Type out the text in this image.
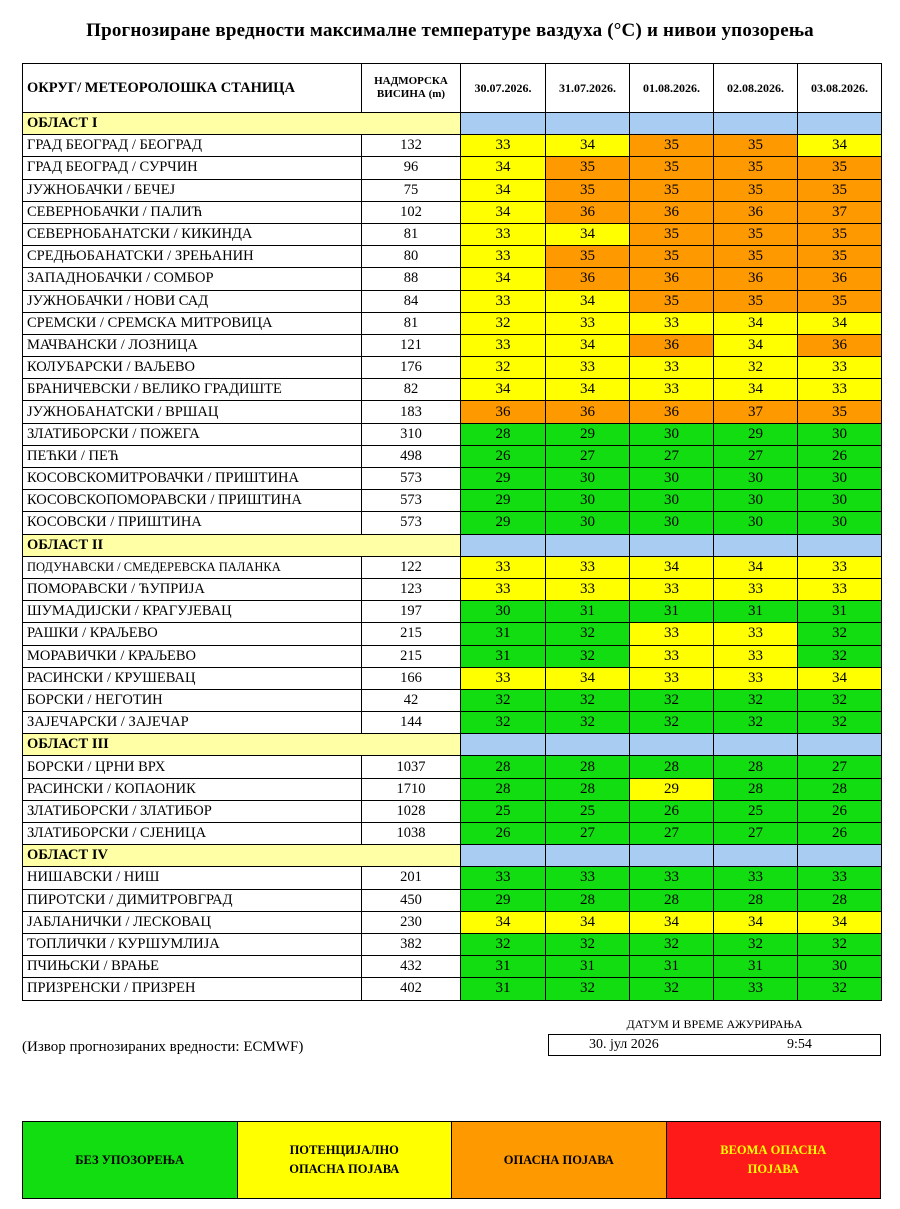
Прогнозиране вредности максималне температуре ваздуха (°C) и нивои упозорења
ОКРУГ/ МЕТЕОРОЛОШКА СТАНИЦА	НАДМОРСКА
ВИСИНА (m)	30.07.2026.	31.07.2026.	01.08.2026.	02.08.2026.	03.08.2026.
ОБЛАСТ I						
ГРАД БЕОГРАД / БЕОГРАД	132	33	34	35	35	34
ГРАД БЕОГРАД / СУРЧИН	96	34	35	35	35	35
ЈУЖНОБАЧКИ / БЕЧЕЈ	75	34	35	35	35	35
СЕВЕРНОБАЧКИ / ПАЛИЋ	102	34	36	36	36	37
СЕВЕРНОБАНАТСКИ / КИКИНДА	81	33	34	35	35	35
СРЕДЊОБАНАТСКИ / ЗРЕЊАНИН	80	33	35	35	35	35
ЗАПАДНОБАЧКИ / СОМБОР	88	34	36	36	36	36
ЈУЖНОБАЧКИ / НОВИ САД	84	33	34	35	35	35
СРЕМСКИ / СРЕМСКА МИТРОВИЦА	81	32	33	33	34	34
МАЧВАНСКИ / ЛОЗНИЦА	121	33	34	36	34	36
КОЛУБАРСКИ / ВАЉЕВО	176	32	33	33	32	33
БРАНИЧЕВСКИ / ВЕЛИКО ГРАДИШТЕ	82	34	34	33	34	33
ЈУЖНОБАНАТСКИ / ВРШАЦ	183	36	36	36	37	35
ЗЛАТИБОРСКИ / ПОЖЕГА	310	28	29	30	29	30
ПЕЋКИ / ПЕЋ	498	26	27	27	27	26
КОСОВСКОМИТРОВАЧКИ / ПРИШТИНА	573	29	30	30	30	30
КОСОВСКОПОМОРАВСКИ / ПРИШТИНА	573	29	30	30	30	30
КОСОВСКИ / ПРИШТИНА	573	29	30	30	30	30
ОБЛАСТ II						
ПОДУНАВСКИ / СМЕДЕРЕВСКА ПАЛАНКА	122	33	33	34	34	33
ПОМОРАВСКИ / ЋУПРИЈА	123	33	33	33	33	33
ШУМАДИЈСКИ / КРАГУЈЕВАЦ	197	30	31	31	31	31
РАШКИ / КРАЉЕВО	215	31	32	33	33	32
МОРАВИЧКИ / КРАЉЕВО	215	31	32	33	33	32
РАСИНСКИ / КРУШЕВАЦ	166	33	34	33	33	34
БОРСКИ / НЕГОТИН	42	32	32	32	32	32
ЗАЈЕЧАРСКИ / ЗАЈЕЧАР	144	32	32	32	32	32
ОБЛАСТ III						
БОРСКИ / ЦРНИ ВРХ	1037	28	28	28	28	27
РАСИНСКИ / КОПАОНИК	1710	28	28	29	28	28
ЗЛАТИБОРСКИ / ЗЛАТИБОР	1028	25	25	26	25	26
ЗЛАТИБОРСКИ / СЈЕНИЦА	1038	26	27	27	27	26
ОБЛАСТ IV						
НИШАВСКИ / НИШ	201	33	33	33	33	33
ПИРОТСКИ / ДИМИТРОВГРАД	450	29	28	28	28	28
ЈАБЛАНИЧКИ / ЛЕСКОВАЦ	230	34	34	34	34	34
ТОПЛИЧКИ / КУРШУМЛИЈА	382	32	32	32	32	32
ПЧИЊСКИ / ВРАЊЕ	432	31	31	31	31	30
ПРИЗРЕНСКИ / ПРИЗРЕН	402	31	32	32	33	32
(Извор прогнозираних вредности: ECMWF)
ДАТУМ И ВРЕМЕ АЖУРИРАЊА
30. јул 2026	9:54
БЕЗ УПОЗОРЕЊА	ПОТЕНЦИЈАЛНО
ОПАСНА ПОЈАВА	ОПАСНА ПОЈАВА	ВЕОМА ОПАСНА
ПОЈАВА
